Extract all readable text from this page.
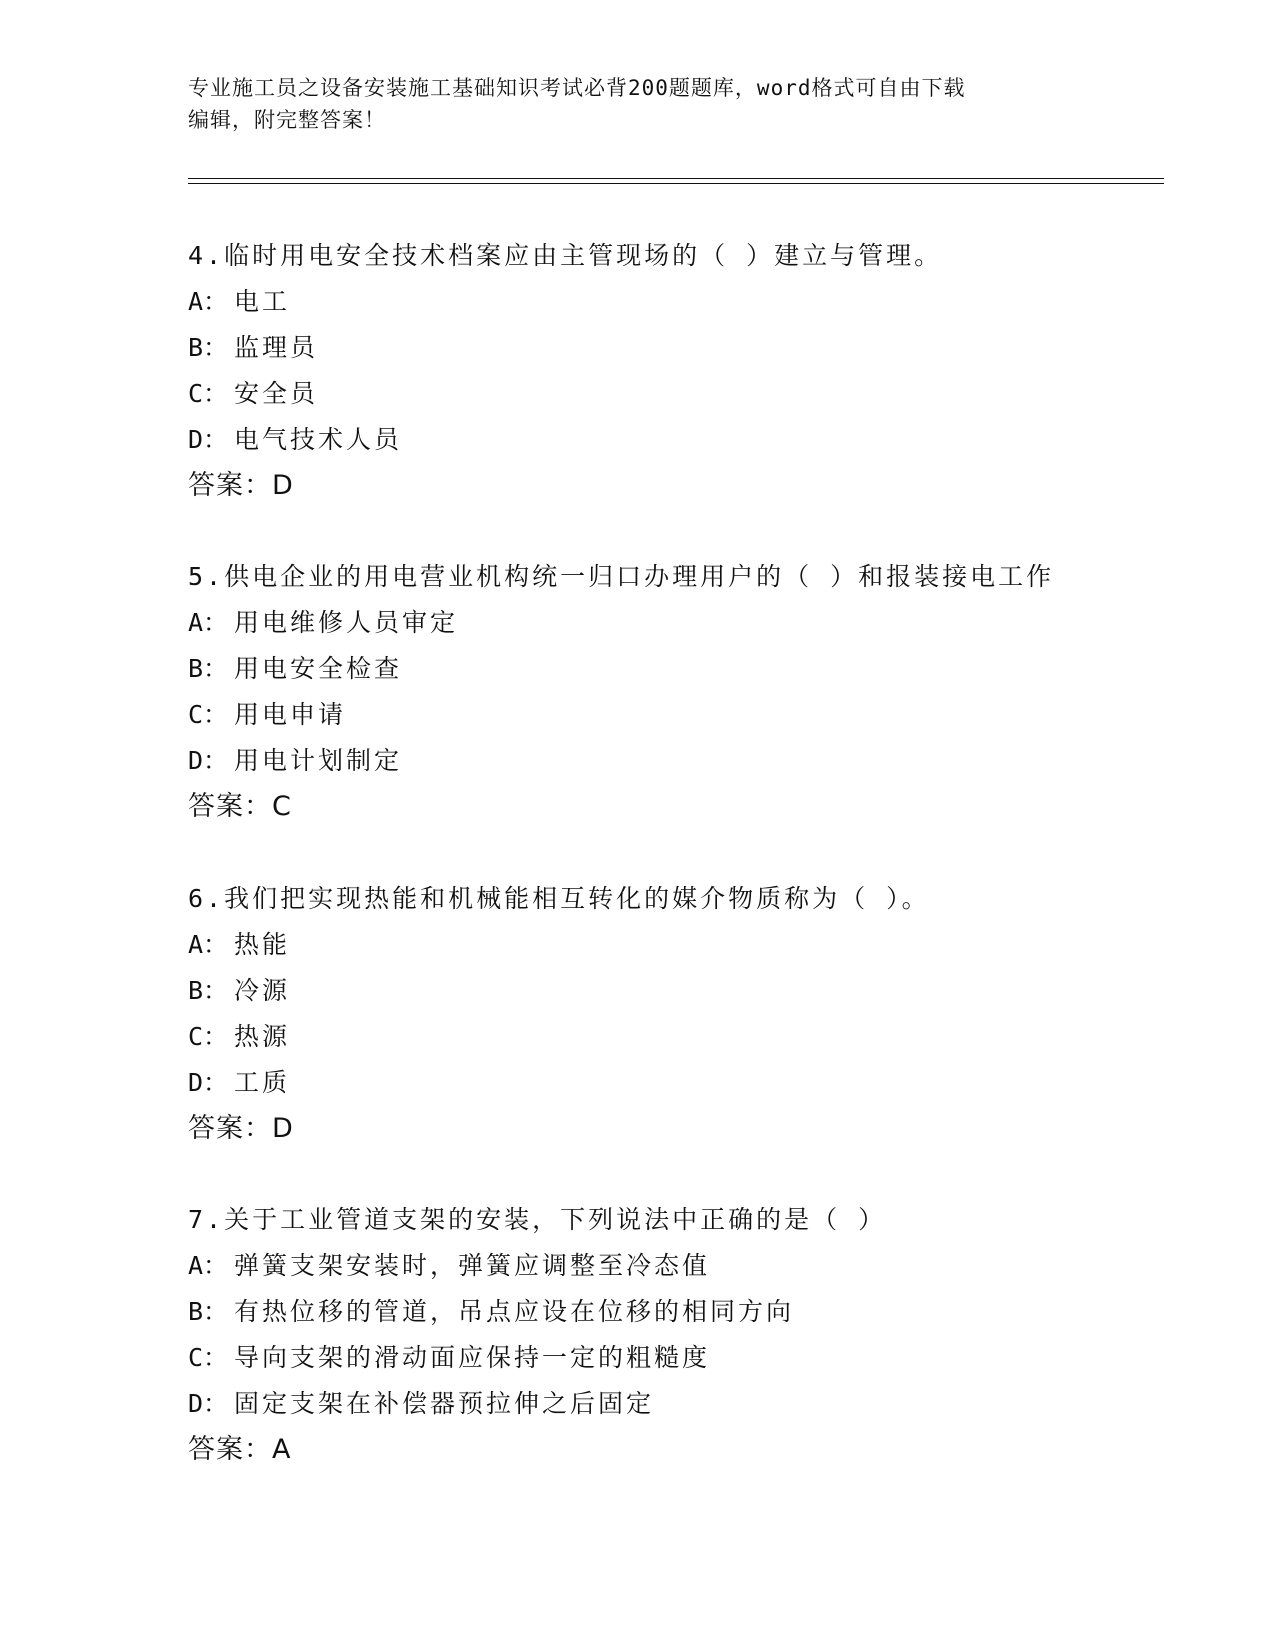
专业施工员之设备安装施工基础知识考试必背200题题库，word格式可自由下载
编辑，附完整答案！
4.临时用电安全技术档案应由主管现场的（ ）建立与管理。
A： 电工
B： 监理员
C： 安全员
D： 电气技术人员
答案：D
5.供电企业的用电营业机构统一归口办理用户的（ ）和报装接电工作
A： 用电维修人员审定
B： 用电安全检查
C： 用电申请
D： 用电计划制定
答案：C
6.我们把实现热能和机械能相互转化的媒介物质称为（ ）。
A： 热能
B： 冷源
C： 热源
D： 工质
答案：D
7.关于工业管道支架的安装，下列说法中正确的是（ ）
A： 弹簧支架安装时，弹簧应调整至冷态值
B： 有热位移的管道，吊点应设在位移的相同方向
C： 导向支架的滑动面应保持一定的粗糙度
D： 固定支架在补偿器预拉伸之后固定
答案：A
